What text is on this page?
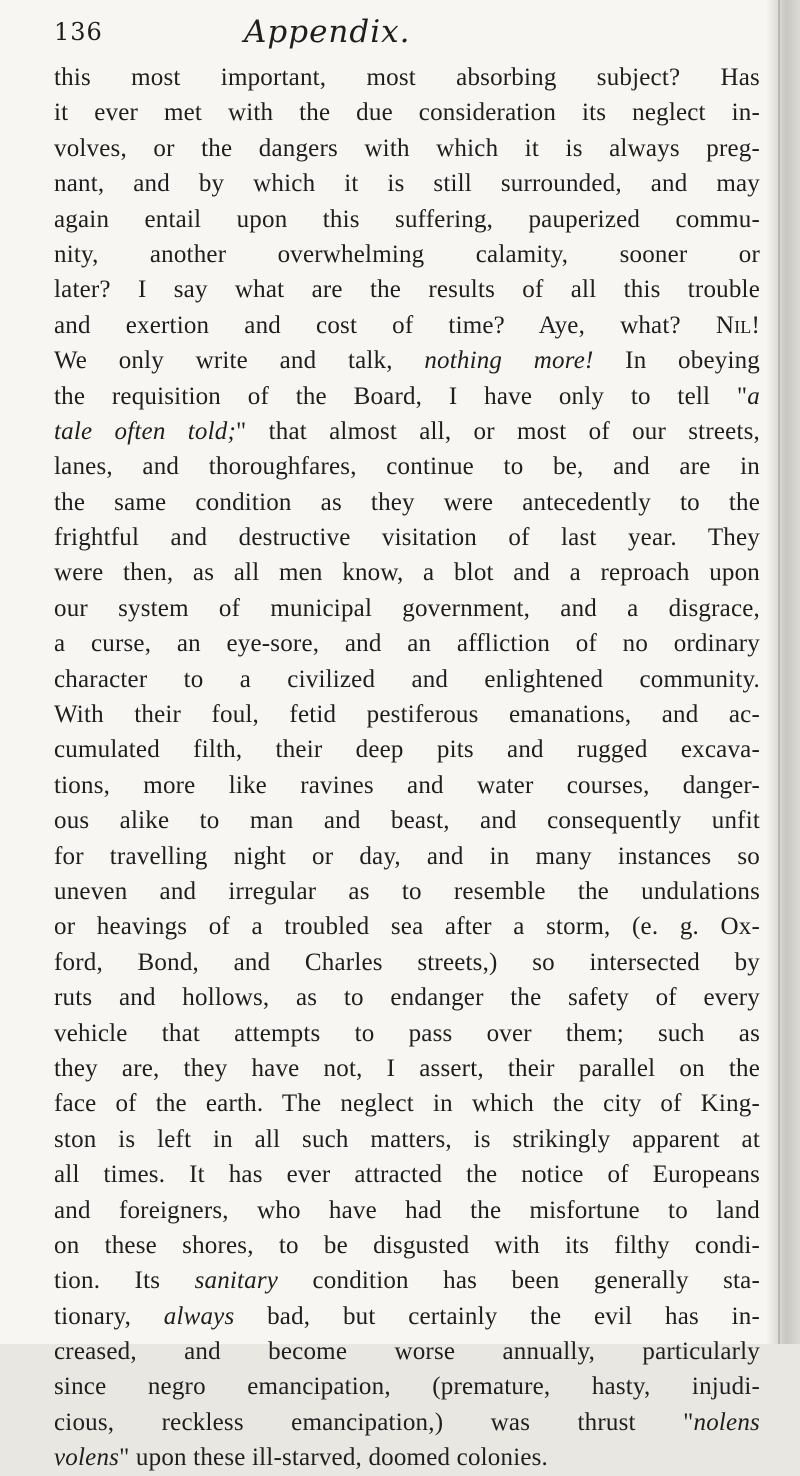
136	Appendix.
this most important, most absorbing subject? Has
it ever met with the due consideration its neglect in-
volves, or the dangers with which it is always preg-
nant, and by which it is still surrounded, and may
again entail upon this suffering, pauperized commu-
nity, another overwhelming calamity, sooner or
later? I say what are the results of all this trouble
and exertion and cost of time? Aye, what? Nil!
We only write and talk, nothing more! In obeying
the requisition of the Board, I have only to tell "a
tale often told;" that almost all, or most of our streets,
lanes, and thoroughfares, continue to be, and are in
the same condition as they were antecedently to the
frightful and destructive visitation of last year. They
were then, as all men know, a blot and a reproach upon
our system of municipal government, and a disgrace,
a curse, an eye-sore, and an affliction of no ordinary
character to a civilized and enlightened community.
With their foul, fetid pestiferous emanations, and ac-
cumulated filth, their deep pits and rugged excava-
tions, more like ravines and water courses, danger-
ous alike to man and beast, and consequently unfit
for travelling night or day, and in many instances so
uneven and irregular as to resemble the undulations
or heavings of a troubled sea after a storm, (e. g. Ox-
ford, Bond, and Charles streets,) so intersected by
ruts and hollows, as to endanger the safety of every
vehicle that attempts to pass over them; such as
they are, they have not, I assert, their parallel on the
face of the earth. The neglect in which the city of King-
ston is left in all such matters, is strikingly apparent at
all times. It has ever attracted the notice of Europeans
and foreigners, who have had the misfortune to land
on these shores, to be disgusted with its filthy condi-
tion. Its sanitary condition has been generally sta-
tionary, always bad, but certainly the evil has in-
creased, and become worse annually, particularly
since negro emancipation, (premature, hasty, injudi-
cious, reckless emancipation,) was thrust "nolens
volens" upon these ill-starved, doomed colonies.
